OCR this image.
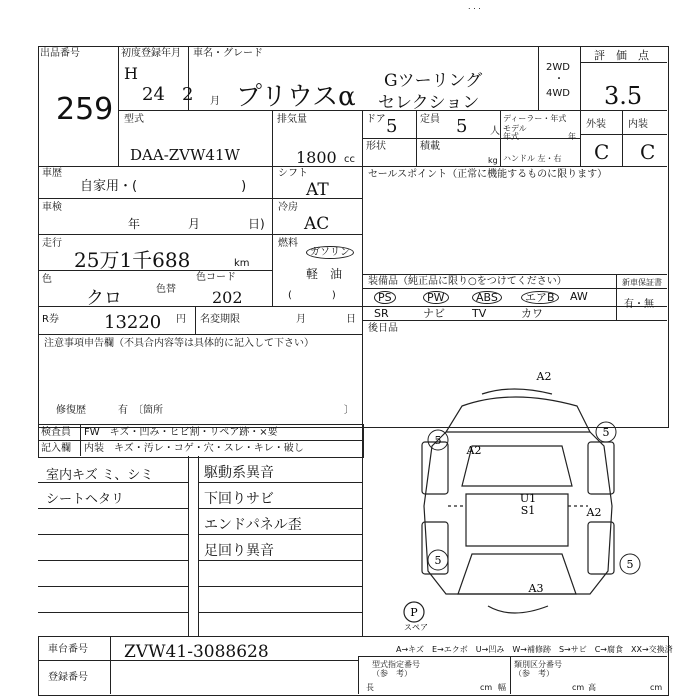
. . .
出品番号
259
初度登録年月
H
24 2 月
車名・グレード
プリウスα
Gツーリング
セレクション
2WD
・
4WD
評　価　点
3.5
型式
DAA-ZVW41W
排気量
1800 cc
ドア 5 定員 5 人
ディーラー・年式
モデル
年式	年
形状	積載
kg ハンドル 左・右
外装 内装
C C
車歴
自家用・(　　　　　　　　)
車検
年　　　　月　　　　日)
走行
25万1千688	km
色
クロ	色替
色コード
202
R券	13220 円 名変期限	月	日
シフト
AT
冷房
AC
燃料
ガソリン
軽　油
(　　　　)
セールスポイント（正常に機能するものに限ります）
装備品（純正品に限り○をつけてください）	新車保証書
有・無
後日品
注意事項申告欄（不具合内容等は具体的に記入して下さい）
修復歴	有　〔箇所	〕
検査員
記入欄
FW　キズ・凹み・ヒビ割・リペア跡・×要
内装　キズ・汚レ・コゲ・穴・スレ・キレ・破し
室内キズ ミ、シミ
シートヘタリ
駆動系異音
下回りサビ
エンドパネル歪
足回り異音
A2
A2
U1
S1	A2
A3
5
5
5	5
P
スペア
車台番号 ZVW41-3088628
登録番号
A→キズ　E→エクボ　U→凹み　W→補修跡　S→サビ　C→腐食　XX→交換済
型式指定番号
（参　考）
類別区分番号
（参　考）
長	cm 幅	cm 高	cm
PS	PW	ABS	エアB	AW
SR	ナビ TV	カワ
